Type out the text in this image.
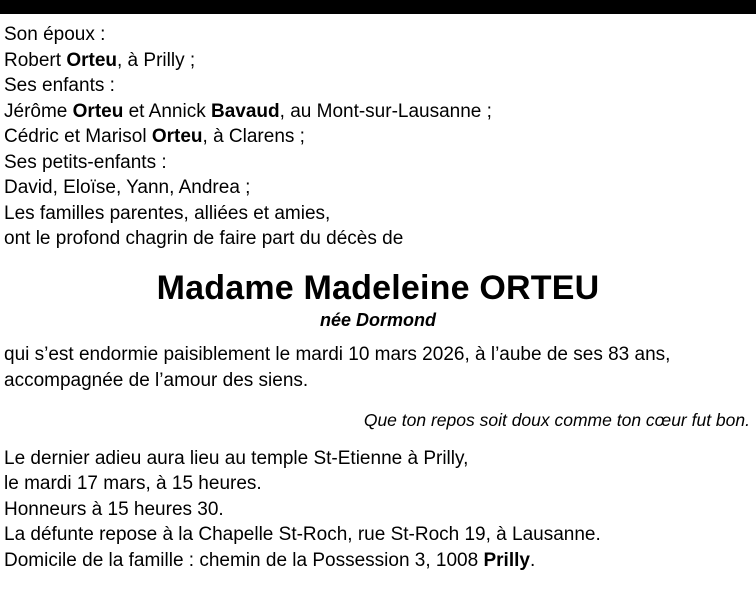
Son époux :
Robert Orteu, à Prilly ;
Ses enfants :
Jérôme Orteu et Annick Bavaud, au Mont-sur-Lausanne ;
Cédric et Marisol Orteu, à Clarens ;
Ses petits-enfants :
David, Eloïse, Yann, Andrea ;
Les familles parentes, alliées et amies,
ont le profond chagrin de faire part du décès de
Madame Madeleine ORTEU
née Dormond
qui s’est endormie paisiblement le mardi 10 mars 2026, à l’aube de ses 83 ans,
accompagnée de l’amour des siens.
Que ton repos soit doux comme ton cœur fut bon.
Le dernier adieu aura lieu au temple St-Etienne à Prilly,
le mardi 17 mars, à 15 heures.
Honneurs à 15 heures 30.
La défunte repose à la Chapelle St-Roch, rue St-Roch 19, à Lausanne.
Domicile de la famille : chemin de la Possession 3, 1008 Prilly.
